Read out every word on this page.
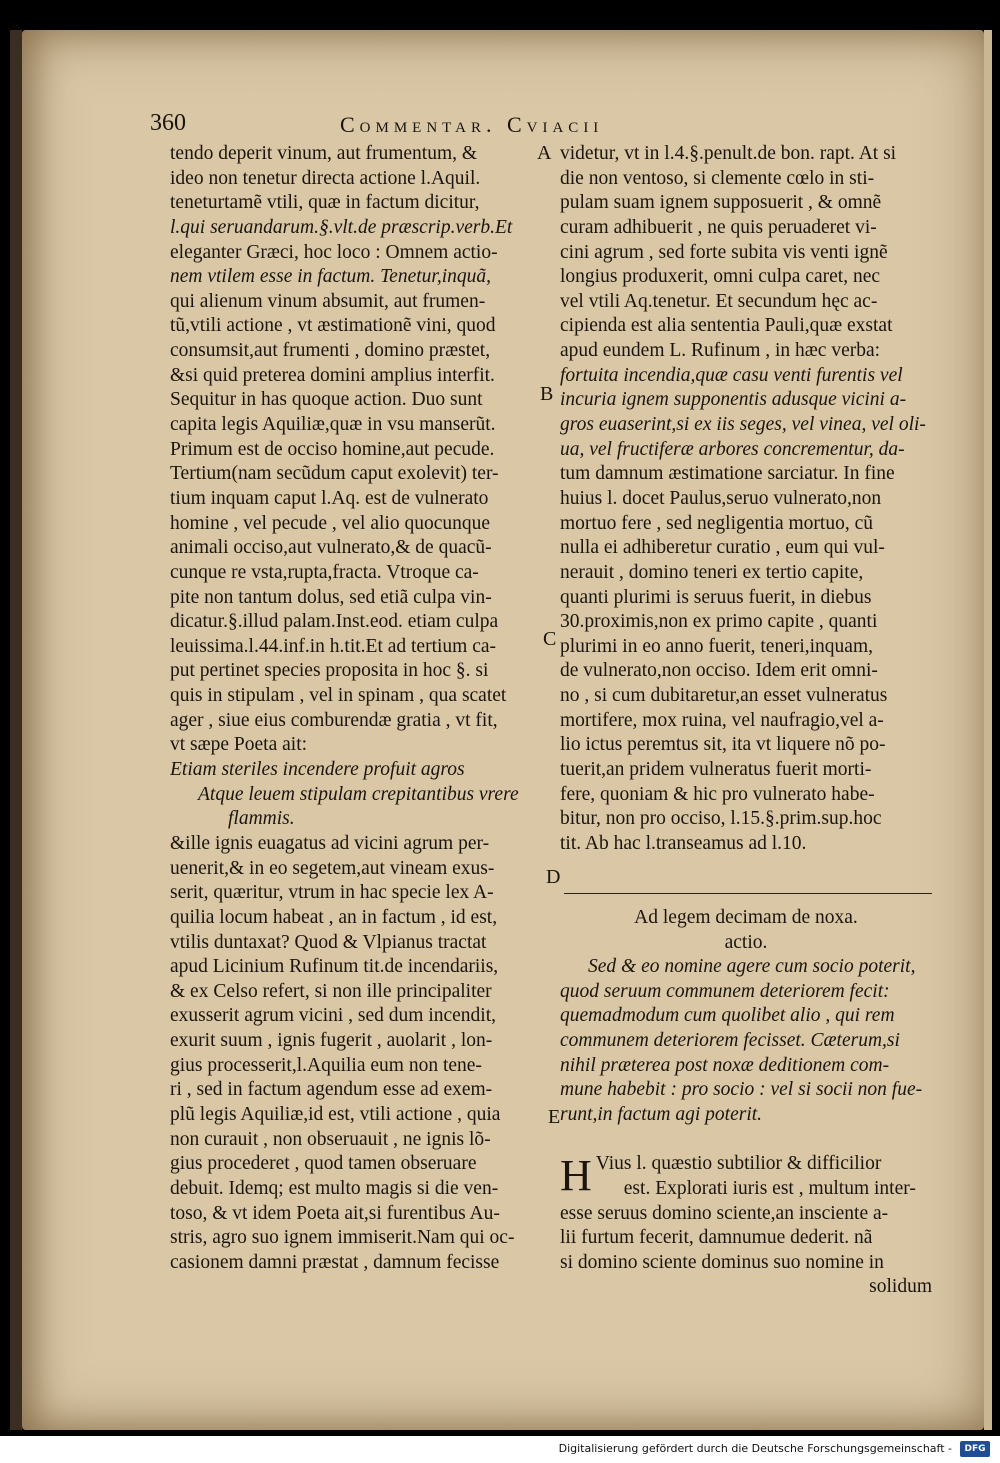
360	Commentar. Cviacii
tendo deperit vinum, aut frumentum, &
ideo non tenetur directa actione l.Aquil.
teneturtamẽ vtili, quæ in factum dicitur,
l.qui seruandarum.§.vlt.de præscrip.verb.Et
eleganter Græci, hoc loco : Omnem actio-
nem vtilem esse in factum. Tenetur,inquã,
qui alienum vinum absumit, aut frumen-
tũ,vtili actione , vt æstimationẽ vini, quod
consumsit,aut frumenti , domino præstet,
&si quid preterea domini amplius interfit.
Sequitur in has quoque action. Duo sunt
capita legis Aquiliæ,quæ in vsu manserũt.
Primum est de occiso homine,aut pecude.
Tertium(nam secũdum caput exolevit) ter-
tium inquam caput l.Aq. est de vulnerato
homine , vel pecude , vel alio quocunque
animali occiso,aut vulnerato,& de quacũ-
cunque re vsta,rupta,fracta. Vtroque ca-
pite non tantum dolus, sed etiã culpa vin-
dicatur.§.illud palam.Inst.eod. etiam culpa
leuissima.l.44.inf.in h.tit.Et ad tertium ca-
put pertinet species proposita in hoc §. si
quis in stipulam , vel in spinam , qua scatet
ager , siue eius comburendæ gratia , vt fit,
vt sæpe Poeta ait:
Etiam steriles incendere profuit agros
Atque leuem stipulam crepitantibus vrere
flammis.
&ille ignis euagatus ad vicini agrum per-
uenerit,& in eo segetem,aut vineam exus-
serit, quæritur, vtrum in hac specie lex A-
quilia locum habeat , an in factum , id est,
vtilis duntaxat? Quod & Vlpianus tractat
apud Licinium Rufinum tit.de incendariis,
& ex Celso refert, si non ille principaliter
exusserit agrum vicini , sed dum incendit,
exurit suum , ignis fugerit , auolarit , lon-
gius processerit,l.Aquilia eum non tene-
ri , sed in factum agendum esse ad exem-
plũ legis Aquiliæ,id est, vtili actione , quia
non curauit , non obseruauit , ne ignis lõ-
gius procederet , quod tamen obseruare
debuit. Idemq; est multo magis si die ven-
toso, & vt idem Poeta ait,si furentibus Au-
stris, agro suo ignem immiserit.Nam qui oc-
casionem damni præstat , damnum fecisse
videtur, vt in l.4.§.penult.de bon. rapt. At si
die non ventoso, si clemente cœlo in sti-
pulam suam ignem supposuerit , & omnẽ
curam adhibuerit , ne quis peruaderet vi-
cini agrum , sed forte subita vis venti ignẽ
longius produxerit, omni culpa caret, nec
vel vtili Aq.tenetur. Et secundum hęc ac-
cipienda est alia sententia Pauli,quæ exstat
apud eundem L. Rufinum , in hæc verba:
fortuita incendia,quæ casu venti furentis vel
incuria ignem supponentis adusque vicini a-
gros euaserint,si ex iis seges, vel vinea, vel oli-
ua, vel fructiferæ arbores concrementur, da-
tum damnum æstimatione sarciatur. In fine
huius l. docet Paulus,seruo vulnerato,non
mortuo fere , sed negligentia mortuo, cũ
nulla ei adhiberetur curatio , eum qui vul-
nerauit , domino teneri ex tertio capite,
quanti plurimi is seruus fuerit, in diebus
30.proximis,non ex primo capite , quanti
plurimi in eo anno fuerit, teneri,inquam,
de vulnerato,non occiso. Idem erit omni-
no , si cum dubitaretur,an esset vulneratus
mortifere, mox ruina, vel naufragio,vel a-
lio ictus peremtus sit, ita vt liquere nõ po-
tuerit,an pridem vulneratus fuerit morti-
fere, quoniam & hic pro vulnerato habe-
bitur, non pro occiso, l.15.§.prim.sup.hoc
tit. Ab hac l.transeamus ad l.10.
Ad legem decimam de noxa.
actio.
Sed & eo nomine agere cum socio poterit,
quod seruum communem deteriorem fecit:
quemadmodum cum quolibet alio , qui rem
communem deteriorem fecisset. Cæterum,si
nihil præterea post noxæ deditionem com-
mune habebit : pro socio : vel si socii non fue-
runt,in factum agi poterit.
H Vius l. quæstio subtilior & difficilior
est. Explorati iuris est , multum inter-
esse seruus domino sciente,an insciente a-
lii furtum fecerit, damnumue dederit. nã
si domino sciente dominus suo nomine in
solidum
A
B
C
D
E
Digitalisierung gefördert durch die Deutsche Forschungsgemeinschaft -	DFG
